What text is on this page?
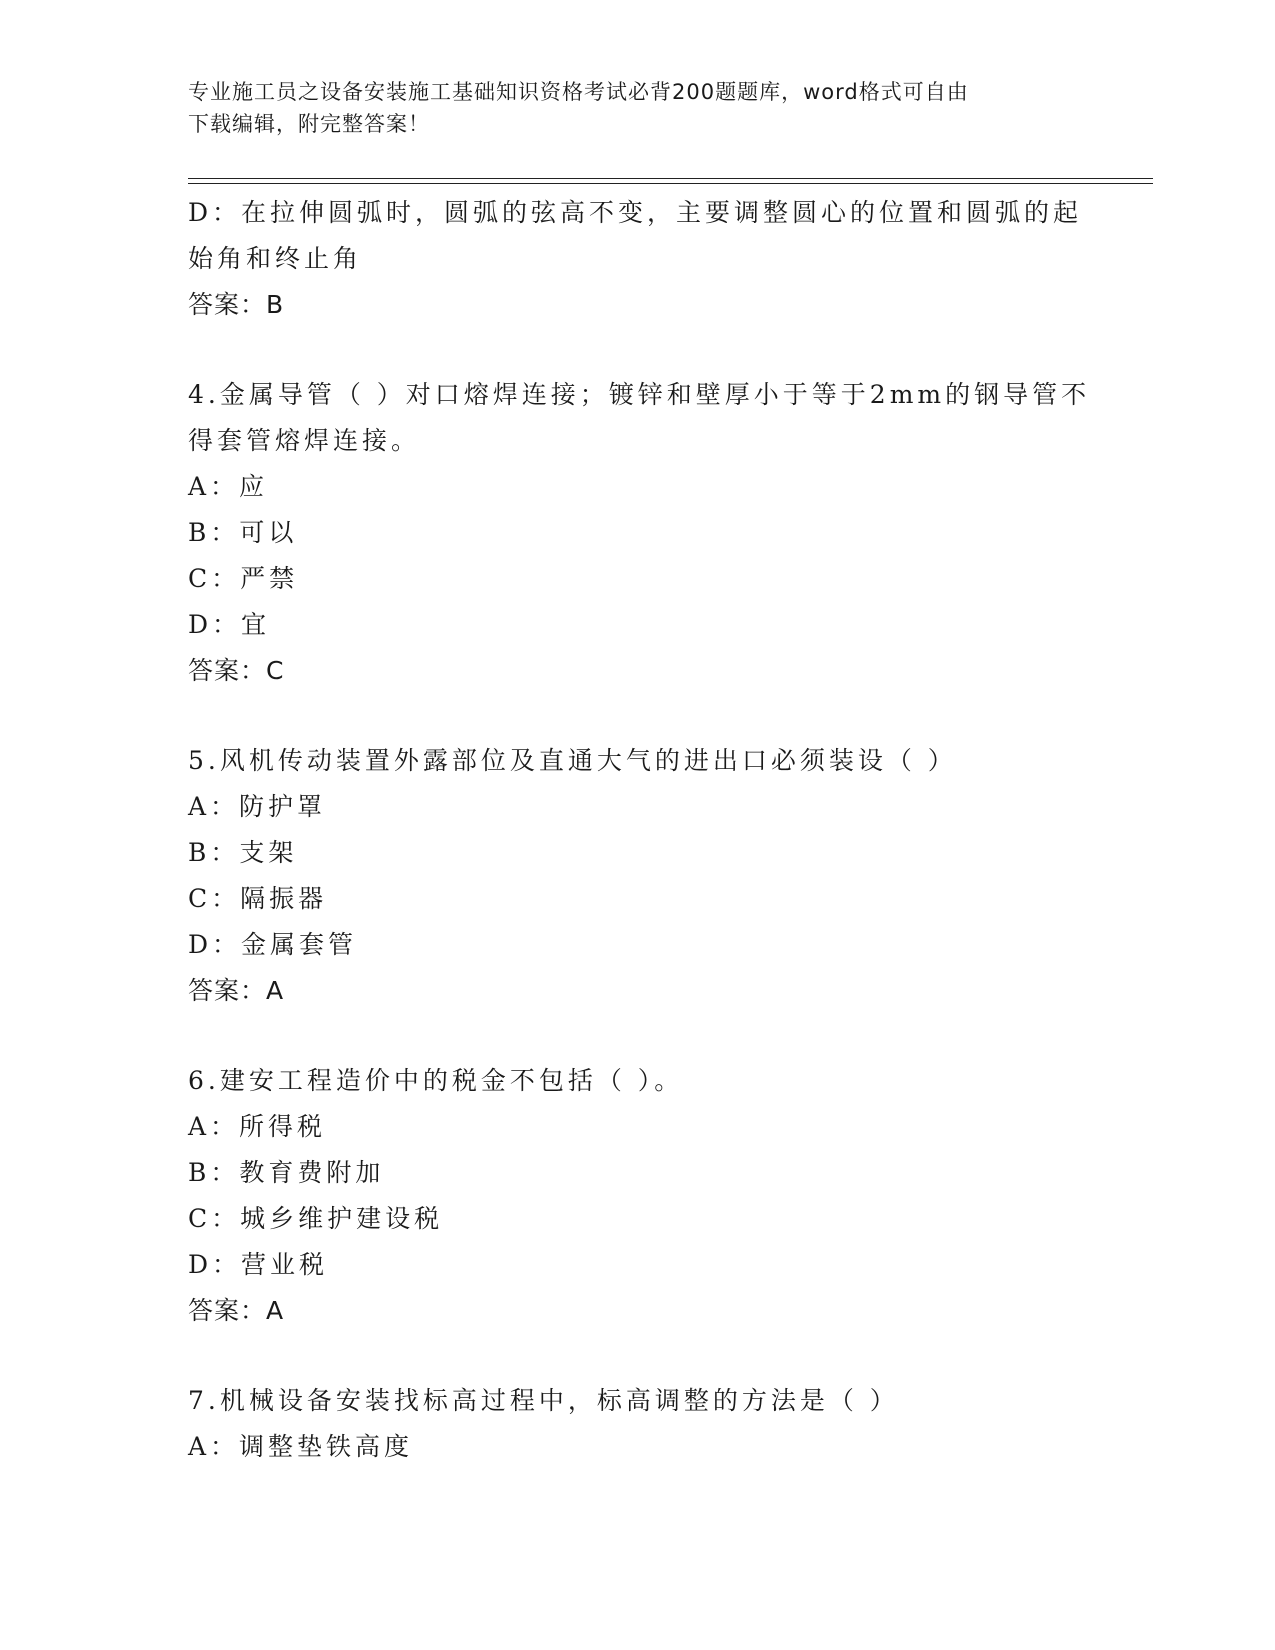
专业施工员之设备安装施工基础知识资格考试必背200题题库，word格式可自由
下载编辑，附完整答案！
D：在拉伸圆弧时，圆弧的弦高不变，主要调整圆心的位置和圆弧的起
始角和终止角
答案：B
4.金属导管（ ）对口熔焊连接；镀锌和壁厚小于等于2mm的钢导管不
得套管熔焊连接。
A：应
B：可以
C：严禁
D：宜
答案：C
5.风机传动装置外露部位及直通大气的进出口必须装设（ ）
A：防护罩
B：支架
C：隔振器
D：金属套管
答案：A
6.建安工程造价中的税金不包括（ ）。
A：所得税
B：教育费附加
C：城乡维护建设税
D：营业税
答案：A
7.机械设备安装找标高过程中，标高调整的方法是（ ）
A：调整垫铁高度
